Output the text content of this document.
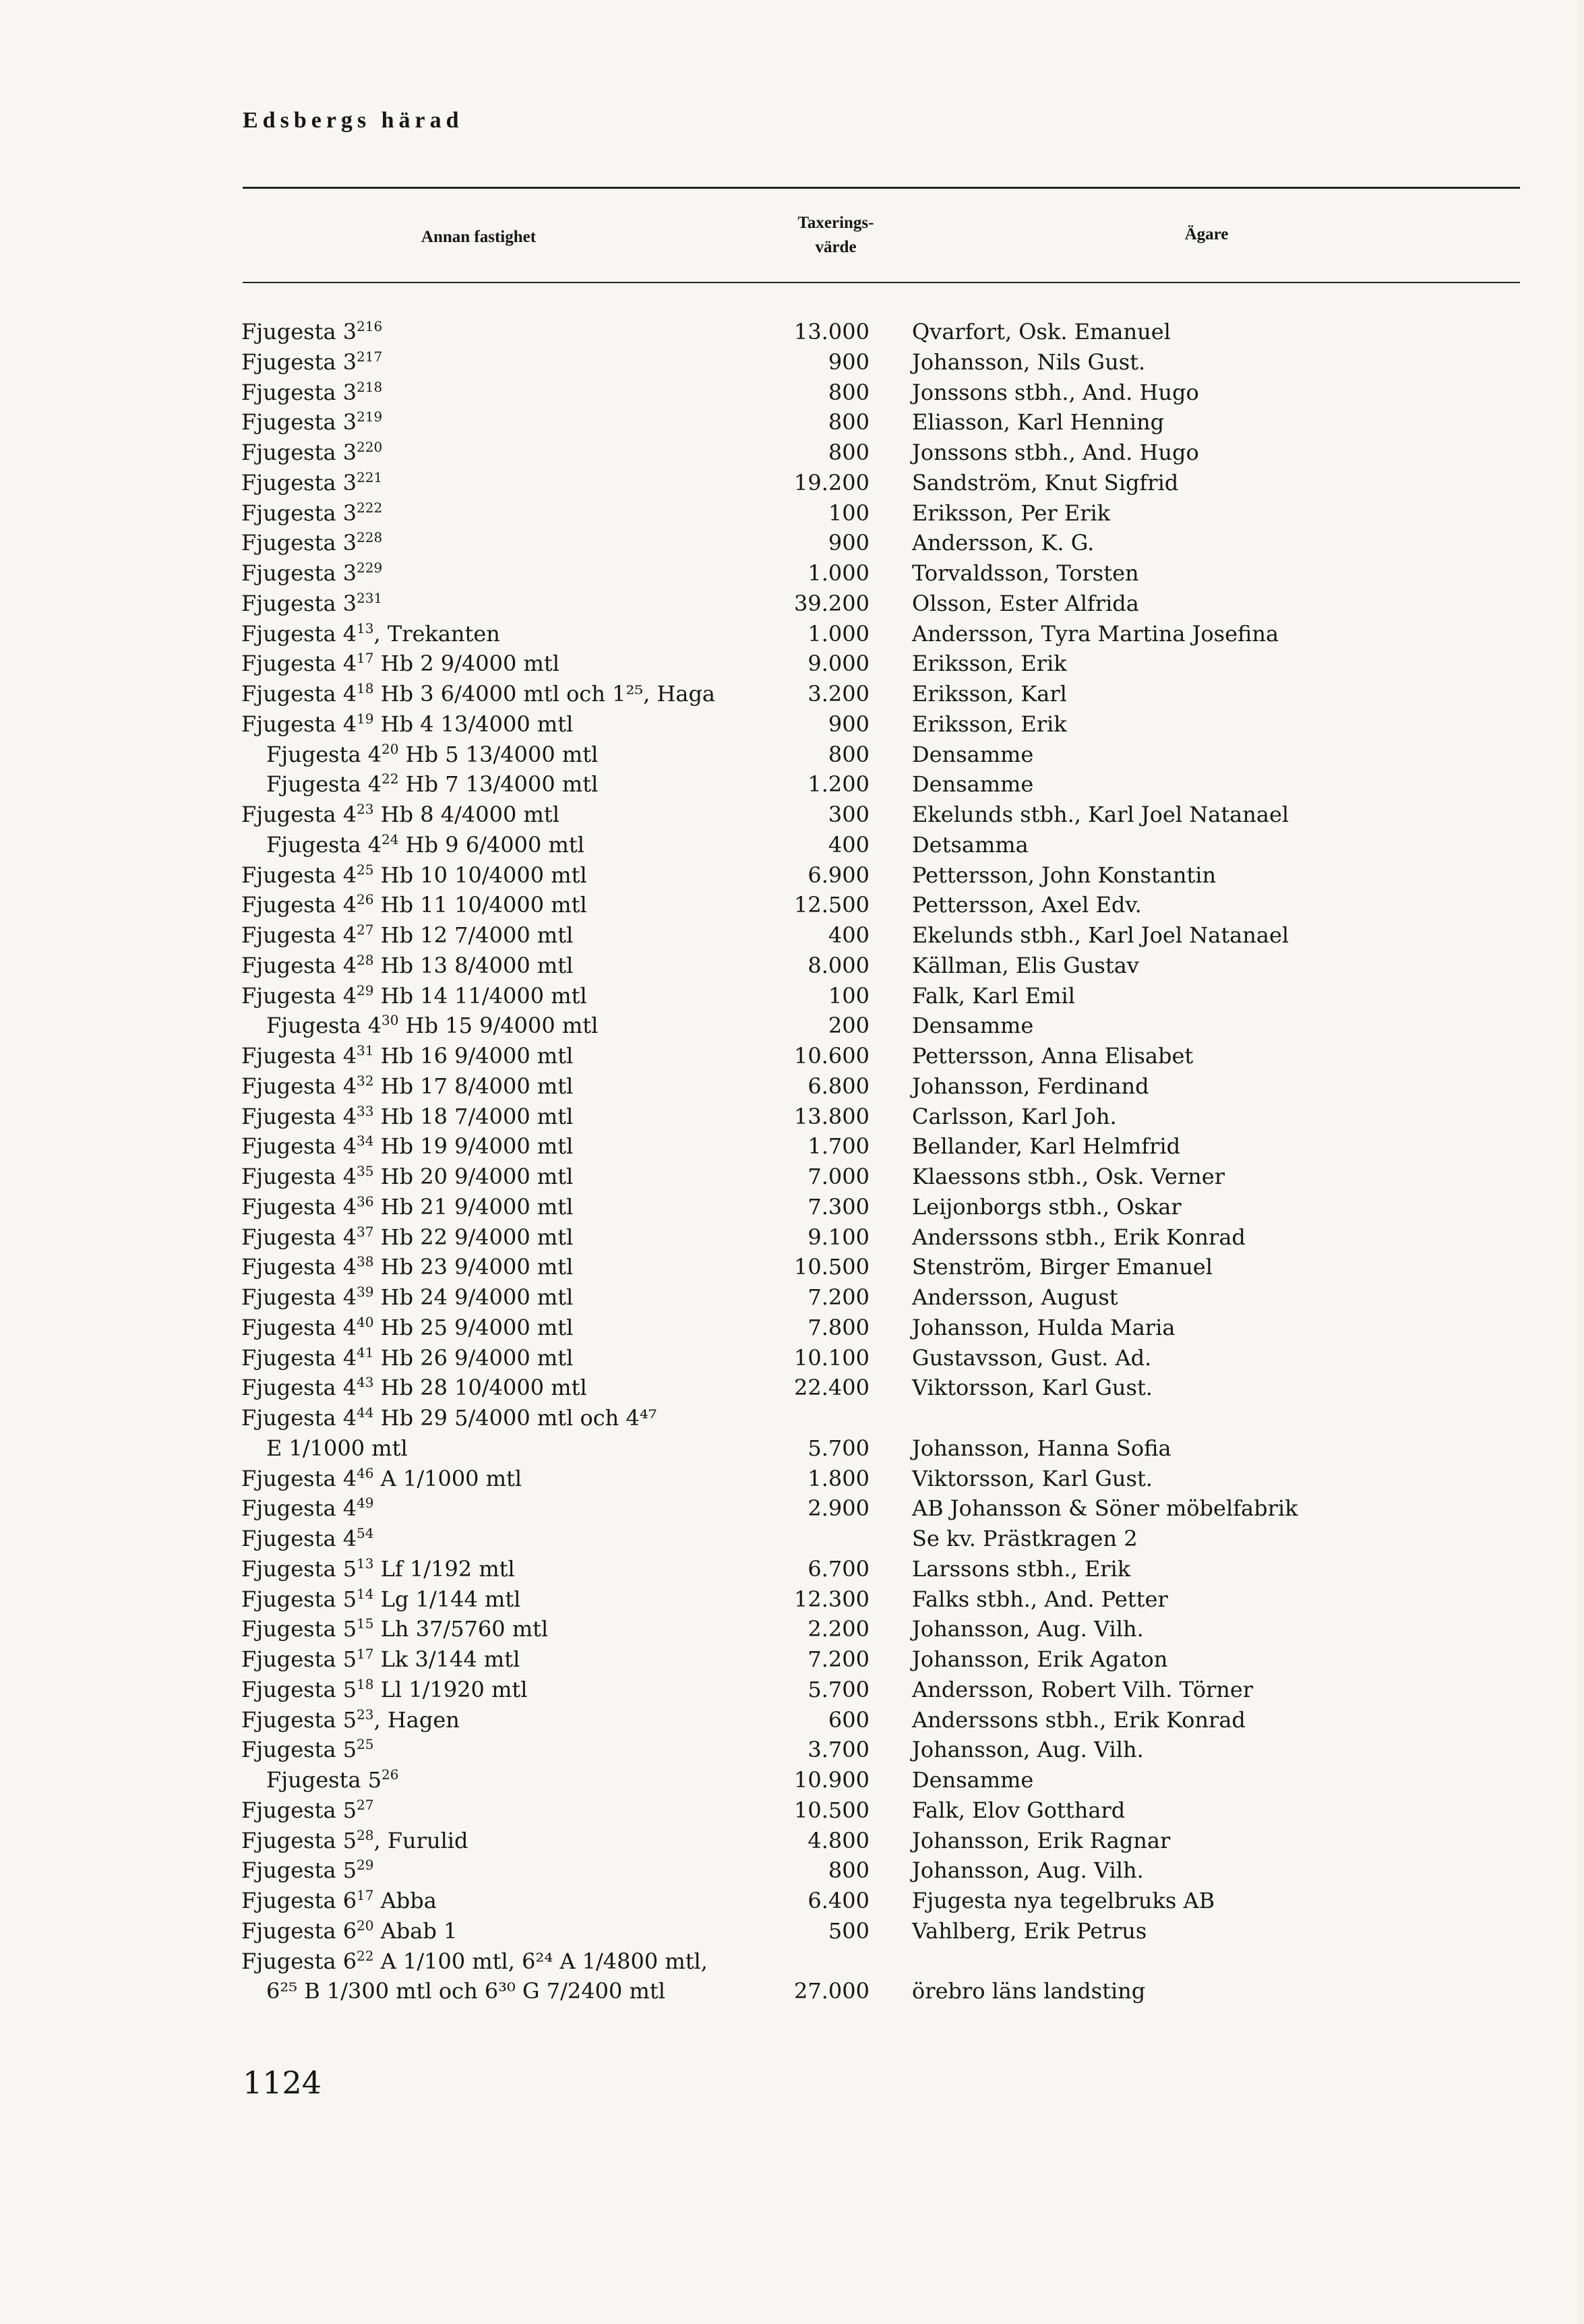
Edsbergs härad
Annan fastighet
Taxerings-
värde
Ägare
Fjugesta $3^{216}$	13.000 Qvarfort, Osk. Emanuel
Fjugesta $3^{217}$	900 Johansson, Nils Gust.
Fjugesta $3^{218}$	800 Jonssons stbh., And. Hugo
Fjugesta $3^{219}$	800 Eliasson, Karl Henning
Fjugesta $3^{220}$	800 Jonssons stbh., And. Hugo
Fjugesta $3^{221}$	19.200 Sandström, Knut Sigfrid
Fjugesta $3^{222}$	100 Eriksson, Per Erik
Fjugesta $3^{228}$	900 Andersson, K. G.
Fjugesta $3^{229}$	1.000 Torvaldsson, Torsten
Fjugesta $3^{231}$	39.200 Olsson, Ester Alfrida
Fjugesta $4^{13}$, Trekanten	1.000 Andersson, Tyra Martina Josefina
Fjugesta $4^{17}$ Hb 2 9/4000 mtl	9.000 Eriksson, Erik
Fjugesta $4^{18}$ Hb 3 6/4000 mtl och 1²⁵, Haga	3.200 Eriksson, Karl
Fjugesta $4^{19}$ Hb 4 13/4000 mtl	900 Eriksson, Erik
Fjugesta $4^{20}$ Hb 5 13/4000 mtl	800 Densamme
Fjugesta $4^{22}$ Hb 7 13/4000 mtl	1.200 Densamme
Fjugesta $4^{23}$ Hb 8 4/4000 mtl	300 Ekelunds stbh., Karl Joel Natanael
Fjugesta $4^{24}$ Hb 9 6/4000 mtl	400 Detsamma
Fjugesta $4^{25}$ Hb 10 10/4000 mtl	6.900 Pettersson, John Konstantin
Fjugesta $4^{26}$ Hb 11 10/4000 mtl	12.500 Pettersson, Axel Edv.
Fjugesta $4^{27}$ Hb 12 7/4000 mtl	400 Ekelunds stbh., Karl Joel Natanael
Fjugesta $4^{28}$ Hb 13 8/4000 mtl	8.000 Källman, Elis Gustav
Fjugesta $4^{29}$ Hb 14 11/4000 mtl	100 Falk, Karl Emil
Fjugesta $4^{30}$ Hb 15 9/4000 mtl	200 Densamme
Fjugesta $4^{31}$ Hb 16 9/4000 mtl	10.600 Pettersson, Anna Elisabet
Fjugesta $4^{32}$ Hb 17 8/4000 mtl	6.800 Johansson, Ferdinand
Fjugesta $4^{33}$ Hb 18 7/4000 mtl	13.800 Carlsson, Karl Joh.
Fjugesta $4^{34}$ Hb 19 9/4000 mtl	1.700 Bellander, Karl Helmfrid
Fjugesta $4^{35}$ Hb 20 9/4000 mtl	7.000 Klaessons stbh., Osk. Verner
Fjugesta $4^{36}$ Hb 21 9/4000 mtl	7.300 Leijonborgs stbh., Oskar
Fjugesta $4^{37}$ Hb 22 9/4000 mtl	9.100 Anderssons stbh., Erik Konrad
Fjugesta $4^{38}$ Hb 23 9/4000 mtl	10.500 Stenström, Birger Emanuel
Fjugesta $4^{39}$ Hb 24 9/4000 mtl	7.200 Andersson, August
Fjugesta $4^{40}$ Hb 25 9/4000 mtl	7.800 Johansson, Hulda Maria
Fjugesta $4^{41}$ Hb 26 9/4000 mtl	10.100 Gustavsson, Gust. Ad.
Fjugesta $4^{43}$ Hb 28 10/4000 mtl	22.400 Viktorsson, Karl Gust.
Fjugesta $4^{44}$ Hb 29 5/4000 mtl och 4⁴⁷
E 1/1000 mtl	5.700 Johansson, Hanna Sofia
Fjugesta $4^{46}$ A 1/1000 mtl	1.800 Viktorsson, Karl Gust.
Fjugesta $4^{49}$	2.900 AB Johansson & Söner möbelfabrik
Fjugesta $4^{54}$	Se kv. Prästkragen 2
Fjugesta $5^{13}$ Lf 1/192 mtl	6.700 Larssons stbh., Erik
Fjugesta $5^{14}$ Lg 1/144 mtl	12.300 Falks stbh., And. Petter
Fjugesta $5^{15}$ Lh 37/5760 mtl	2.200 Johansson, Aug. Vilh.
Fjugesta $5^{17}$ Lk 3/144 mtl	7.200 Johansson, Erik Agaton
Fjugesta $5^{18}$ Ll 1/1920 mtl	5.700 Andersson, Robert Vilh. Törner
Fjugesta $5^{23}$, Hagen	600 Anderssons stbh., Erik Konrad
Fjugesta $5^{25}$	3.700 Johansson, Aug. Vilh.
Fjugesta $5^{26}$	10.900 Densamme
Fjugesta $5^{27}$	10.500 Falk, Elov Gotthard
Fjugesta $5^{28}$, Furulid	4.800 Johansson, Erik Ragnar
Fjugesta $5^{29}$	800 Johansson, Aug. Vilh.
Fjugesta $6^{17}$ Abba	6.400 Fjugesta nya tegelbruks AB
Fjugesta $6^{20}$ Abab 1	500 Vahlberg, Erik Petrus
Fjugesta $6^{22}$ A 1/100 mtl, 6²⁴ A 1/4800 mtl,
6²⁵ B 1/300 mtl och 6³⁰ G 7/2400 mtl	27.000 örebro läns landsting
1124
